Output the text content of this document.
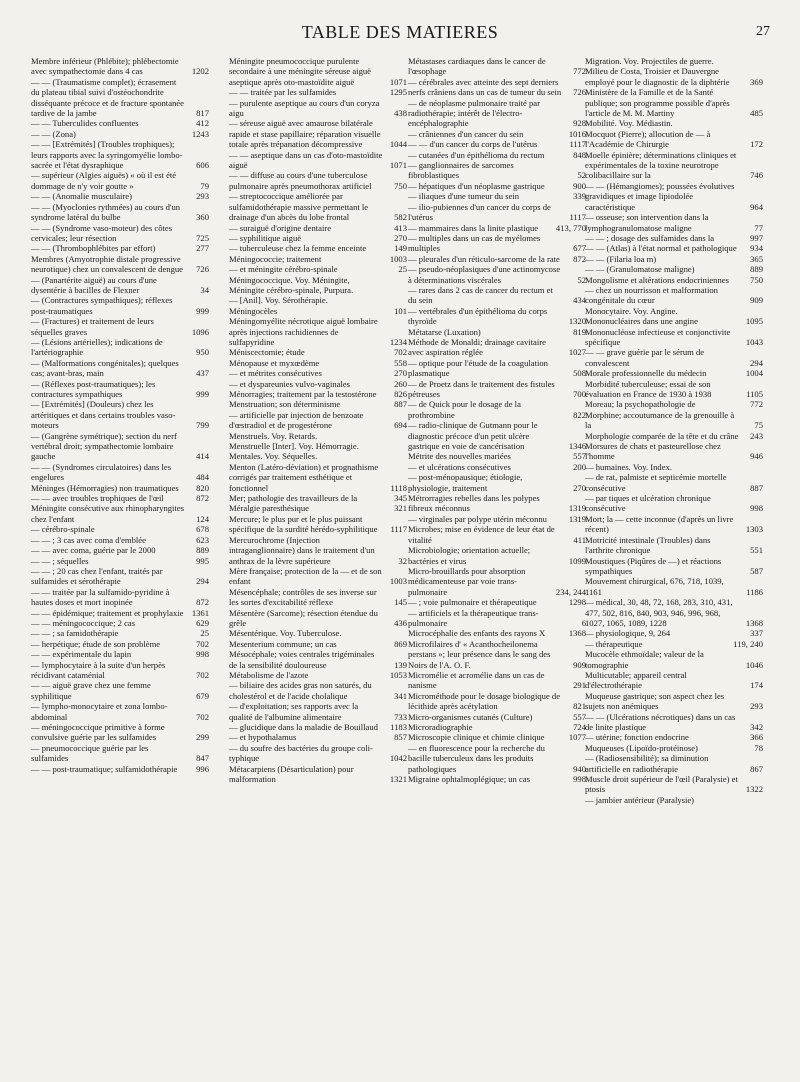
TABLE DES MATIERES	27
Membre inférieur (Phlébite); phlébectomie avec sympathectomie dans 4 cas	1202
— — (Traumatisme complet); écrasement du plateau tibial suivi d'ostéochondrite disséquante précoce et de fracture spontanée tardive de la jambe	817
— — Tuberculides confluentes	412
— — (Zona)	1243
— — [Extrémités] (Troubles trophiques); leurs rapports avec la syringomyélie lombo-sacrée et l'état dysraphique	606
— supérieur (Algies aiguës) « où il est été dommage de n'y voir goutte »	79
— — (Anomalie musculaire)	293
— — (Myoclonies rythmées) au cours d'un syndrome latéral du bulbe	360
— — (Syndrome vaso-moteur) des côtes cervicales; leur résection	725
— — (Thrombophlébites par effort)	277
Membres (Amyotrophie distale progressive neurotique) chez un convalescent de dengue	726
— (Panartérite aiguë) au cours d'une dysentérie à bacilles de Flexner	34
— (Contractures sympathiques); réflexes post-traumatiques	999
— (Fractures) et traitement de leurs séquelles graves	1096
— (Lésions artérielles); indications de l'artériographie	950
— (Malformations congénitales); quelques cas; avant-bras, main	437
— (Réflexes post-traumatiques); les contractures sympathiques	999
— [Extrémités] (Douleurs) chez les artéritiques et dans certains troubles vaso-moteurs	799
— (Gangrène symétrique); section du nerf vertébral droit; sympathectomie lombaire gauche	414
— — (Syndromes circulatoires) dans les engelures	484
Méninges (Hémorragies) non traumatiques	820
— — avec troubles trophiques de l'œil	872
Méningite consécutive aux rhinopharyngites chez l'enfant	124
— cérébro-spinale	678
— — ; 3 cas avec coma d'emblée	623
— — avec coma, guérie par le 2000	889
— — ; séquelles	995
— — ; 20 cas chez l'enfant, traités par sulfamides et sérothérapie	294
— — traitée par la sulfamido-pyridine à hautes doses et mort inopinée	872
— — épidémique; traitement et prophylaxie 1361
— — méningococcique; 2 cas	629
— — ; sa famidothérapie	25
— herpétique; étude de son problème	702
— — expérimentale du lapin	998
— lymphocytaire à la suite d'un herpès récidivant cataménial	702
— — aiguë grave chez une femme syphilitique	679
— lympho-monocytaire et zona lombo-abdominal	702
— méningococcique primitive à forme convulsive guérie par les sulfamides	299
— pneumococcique guérie par les sulfamides	847
— — post-traumatique; sulfamidothérapie	996
Méningite pneumococcique purulente secondaire à une méningite séreuse aiguë aseptique après oto-mastoïdite aiguë	1071
— — traitée par les sulfamides	1295
— purulente aseptique au cours d'un coryza aigu	438
— séreuse aiguë avec amaurose bilatérale rapide et stase papillaire; réparation visuelle totale après trépanation décompressive	1044
— — aseptique dans un cas d'oto-mastoïdite aiguë	1071
— — diffuse au cours d'une tuberculose pulmonaire après pneumothorax artificiel	750
— streptococcique améliorée par sulfamidothérapie massive permettant le drainage d'un abcès du lobe frontal	582
— suraiguë d'origine dentaire	413
— syphilitique aiguë	270
— tuberculeuse chez la femme enceinte	149
Méningococcie; traitement	1003
— et méningite cérébro-spinale	25
Méningococcique. Voy. Méningite, Méningite cérébro-spinale, Purpura.
— [Anil]. Voy. Sérothérapie.
Méningocèles	101
Méningomyélite nécrotique aiguë lombaire après injections rachidiennes de sulfapyridine	1234
Méniscectomie; étude	702
Ménopause et myxœdème	558
— et métrites consécutives	270
— et dyspareunies vulvo-vaginales	260
Ménorragies; traitement par la testostérone	826
Menstruation; son déterminisme	887
— artificielle par injection de benzoate d'œstradiol et de progestérone	694
Menstruels. Voy. Retards.
Menstruelle [Inter]. Voy. Hémorragie.
Mentales. Voy. Séquelles.
Menton (Latéro-déviation) et prognathisme corrigés par traitement esthétique et fonctionnel	1118
Mer; pathologie des travailleurs de la	345
Méralgie paresthésique	321
Mercure; le plus pur et le plus puissant spécifique de la surdité hérédo-syphilitique	1117
Mercurochrome (Injection intraganglionnaire) dans le traitement d'un anthrax de la lèvre supérieure	32
Mère française; protection de la — et de son enfant	1003
Mésencéphale; contrôles de ses inverse sur les sortes d'excitabilité réflexe	145
Mésentère (Sarcome); résection étendue du grêle	436
Mésentérique. Voy. Tuberculose.
Mesenterium commune; un cas	869
Mésocéphale; voies centrales trigéminales de la sensibilité douloureuse	139
Métabolisme de l'azote	1053
— biliaire des acides gras non saturés, du cholestérol et de l'acide cholalique	341
— d'exploitation; ses rapports avec la qualité de l'albumine alimentaire	733
— glucidique dans la maladie de Bouillaud	1183
— et hypothalamus	857
— du soufre des bactéries du groupe coli-typhique	1042
Métacarpiens (Désarticulation) pour malformation	1321
Métastases cardiaques dans le cancer de l'œsophage	772
— cérébrales avec atteinte des sept derniers nerfs crâniens dans un cas de tumeur du sein	726
— de néoplasme pulmonaire traité par radiothérapie; intérêt de l'électro-encéphalographie	928
— crâniennes d'un cancer du sein	1016
— — d'un cancer du corps de l'utérus	1117
— cutanées d'un épithélioma du rectum	848
— ganglionnaires de sarcomes fibroblastiques	52
— hépatiques d'un néoplasme gastrique	900
— iliaques d'une tumeur du sein	339
— ilio-pubiennes d'un cancer du corps de l'utérus	1117
— mammaires dans la linite plastique	413, 770
— multiples dans un cas de myélomes multiples	677
— pleurales d'un réticulo-sarcome de la rate	872
— pseudo-néoplasiques d'une actinomycose à déterminations viscérales	52
— rares dans 2 cas de cancer du rectum et du sein	434
— vertébrales d'un épithélioma du corps thyroïde	1320
Métatarse (Luxation)	819
Méthode de Monaldi; drainage cavitaire avec aspiration réglée	1027
— optique pour l'étude de la coagulation plasmatique	508
— de Proetz dans le traitement des fistules pétreuses	700
— de Quick pour le dosage de la prothrombine	822
— radio-clinique de Gutmann pour le diagnostic précoce d'un petit ulcère gastrique en voie de cancérisation	1346
Métrite des nouvelles mariées	557
— et ulcérations consécutives	200
— post-ménopausique; étiologie, physiologie, traitement	270
Métrorragies rebelles dans les polypes fibreux méconnus	1319
— virginales par polype utérin méconnu	1319
Microbes; mise en évidence de leur état de vitalité	411
Microbiologie; orientation actuelle; bactéries et virus	1099
Micro-brouillards pour absorption médicamenteuse par voie trans-pulmonaire	234, 244
— ; voie pulmonaire et thérapeutique	1298
— artificiels et la thérapeutique trans-pulmonaire	6
Microcéphalie des enfants des rayons X	1368
Microfilaires d' « Acanthocheilonema perstans »; leur présence dans le sang des Noirs de l'A. O. F.	909
Micromélie et acromélie dans un cas de nanisme	291
Microméthode pour le dosage biologique de lécithide après acétylation	821
Micro-organismes cutanés (Culture)	557
Microradiographie	724
Microscopie clinique et chimie clinique	1077
— en fluorescence pour la recherche du bacille tuberculeux dans les produits pathologiques	940
Migraine ophtalmoplégique; un cas	998
Migration. Voy. Projectiles de guerre.
Milieu de Costa, Troisier et Dauvergne employé pour le diagnostic de la diphtérie	369
Ministère de la Famille et de la Santé publique; son programme possible d'après l'article de M. M. Martiny	485
Mobilité. Voy. Médiastin.
Mocquot (Pierre); allocution de — à l'Académie de Chirurgie	172
Moelle épinière; déterminations cliniques et expérimentales de la toxine neurotrope colibacillaire sur la	746
— — (Hémangiomes); poussées évolutives gravidiques et image lipiodolée caractéristique	964
— osseuse; son intervention dans la lymphogranulomatose maligne	77
— — ; dosage des sulfamides dans la	997
— — (Atlas) à l'état normal et pathologique	934
— — (Filaria loa m)	365
— — (Granulomatose maligne)	889
Mongolisme et altérations endocriniennes	750
— chez un nourrisson et malformation congénitale du cœur	909
Monocytaire. Voy. Angine.
Mononucléaires dans une angine	1095
Mononucléose infectieuse et conjonctivite spécifique	1043
— — grave guérie par le sérum de convalescent	294
Morale professionnelle du médecin	1004
Morbidité tuberculeuse; essai de son évaluation en France de 1930 à 1938	1105
Moreau; la psychopathologie de	772
Morphine; accoutumance de la grenouille à la	75
Morphologie comparée de la tête et du crâne	243
Morsures de chats et pasteurellose chez l'homme	946
— humaines. Voy. Index.
— de rat, palmiste et septicémie mortelle consécutive	887
— par tiques et ulcération chronique consécutive	998
Mort; la — cette inconnue (d'après un livre récent)	1303
Motricité intestinale (Troubles) dans l'arthrite chronique	551
Moustiques (Piqûres de —) et réactions sympathiques	587
Mouvement chirurgical, 676, 718, 1039, 1161	1186
— médical, 30, 48, 72, 168, 283, 310, 431, 477, 502, 816, 840, 903, 946, 996, 968, 1027, 1065, 1089, 1228	1368
— physiologique, 9, 264	337
— thérapeutique	119, 240
Mucocèle ethmoïdale; valeur de la tomographie	1046
Multicutable; appareil central d'électrothérapie	174
Muqueuse gastrique; son aspect chez les sujets non anémiques	293
— — (Ulcérations nécrotiques) dans un cas de linite plastique	342
— utérine; fonction endocrine	366
Muqueuses (Lipoïdo-protéinose)	78
— (Radiosensibilité); sa diminution artificielle en radiothérapie	867
Muscle droit supérieur de l'œil (Paralysie) et ptosis	1322
— jambier antérieur (Paralysie)
